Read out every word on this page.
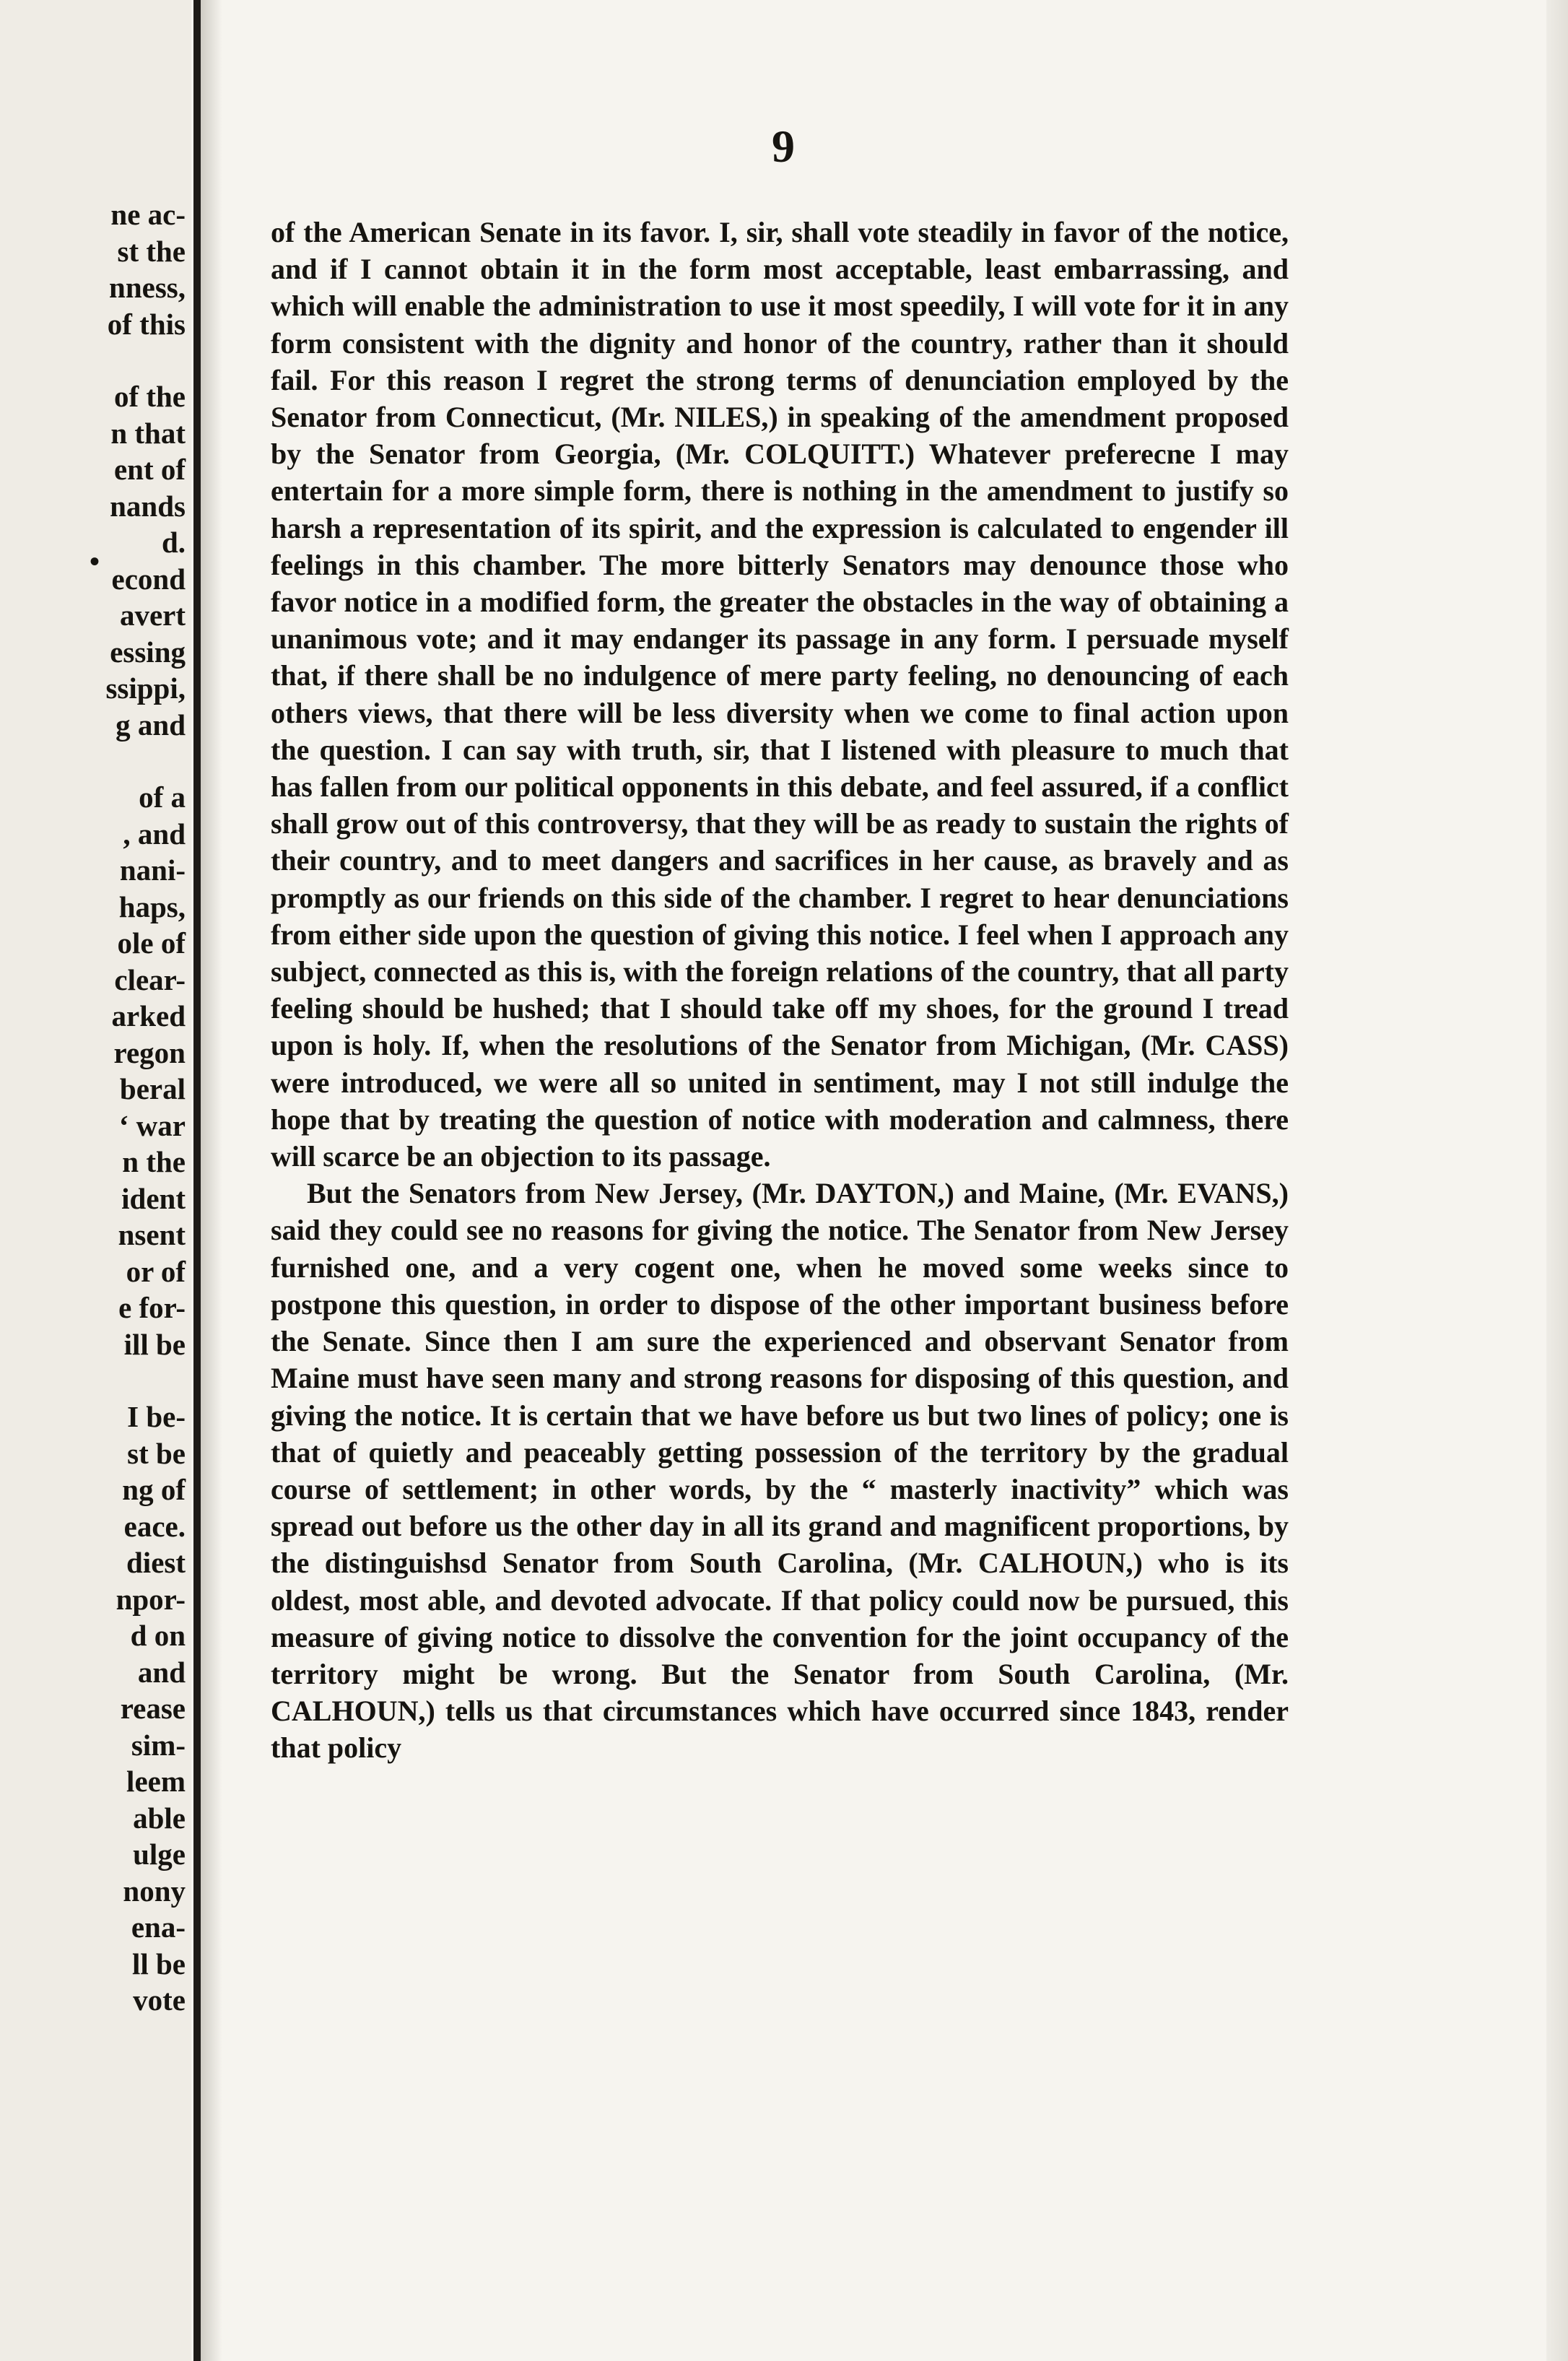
ne ac-
st the
nness,
of this
of the
n that
ent of
nands
d.
econd
avert
essing
ssippi,
g and
of a
, and
nani-
haps,
ole of
clear-
arked
regon
beral
‘ war
n the
ident
nsent
or of
e for-
ill be
I be-
st be
ng of
eace.
diest
npor-
d on
and
rease
sim-
leem
able
ulge
nony
ena-
ll be
vote
•
9

of the American Senate in its favor. I, sir, shall vote steadily in favor of the notice, and if I cannot obtain it in the form most acceptable, least embarrassing, and which will enable the administration to use it most speedily, I will vote for it in any form consistent with the dignity and honor of the country, rather than it should fail. For this reason I regret the strong terms of denunciation employed by the Senator from Connecticut, (Mr. NILES,) in speaking of the amendment proposed by the Senator from Georgia, (Mr. COLQUITT.) Whatever preferecne I may entertain for a more simple form, there is nothing in the amendment to justify so harsh a representation of its spirit, and the expression is calculated to engender ill feelings in this chamber. The more bitterly Senators may denounce those who favor notice in a modified form, the greater the obstacles in the way of obtaining a unanimous vote; and it may endanger its passage in any form. I persuade myself that, if there shall be no indulgence of mere party feeling, no denouncing of each others views, that there will be less diversity when we come to final action upon the question. I can say with truth, sir, that I listened with pleasure to much that has fallen from our political opponents in this debate, and feel assured, if a conflict shall grow out of this controversy, that they will be as ready to sustain the rights of their country, and to meet dangers and sacrifices in her cause, as bravely and as promptly as our friends on this side of the chamber. I regret to hear denunciations from either side upon the question of giving this notice. I feel when I approach any subject, connected as this is, with the foreign relations of the country, that all party feeling should be hushed; that I should take off my shoes, for the ground I tread upon is holy. If, when the resolutions of the Senator from Michigan, (Mr. CASS) were introduced, we were all so united in sentiment, may I not still indulge the hope that by treating the question of notice with moderation and calmness, there will scarce be an objection to its passage.

But the Senators from New Jersey, (Mr. DAYTON,) and Maine, (Mr. EVANS,) said they could see no reasons for giving the notice. The Senator from New Jersey furnished one, and a very cogent one, when he moved some weeks since to postpone this question, in order to dispose of the other important business before the Senate. Since then I am sure the experienced and observant Senator from Maine must have seen many and strong reasons for disposing of this question, and giving the notice. It is certain that we have before us but two lines of policy; one is that of quietly and peaceably getting possession of the territory by the gradual course of settlement; in other words, by the “ masterly inactivity” which was spread out before us the other day in all its grand and magnificent proportions, by the distinguishsd Senator from South Carolina, (Mr. CALHOUN,) who is its oldest, most able, and devoted advocate. If that policy could now be pursued, this measure of giving notice to dissolve the convention for the joint occupancy of the territory might be wrong. But the Senator from South Carolina, (Mr. CALHOUN,) tells us that circumstances which have occurred since 1843, render that policy
